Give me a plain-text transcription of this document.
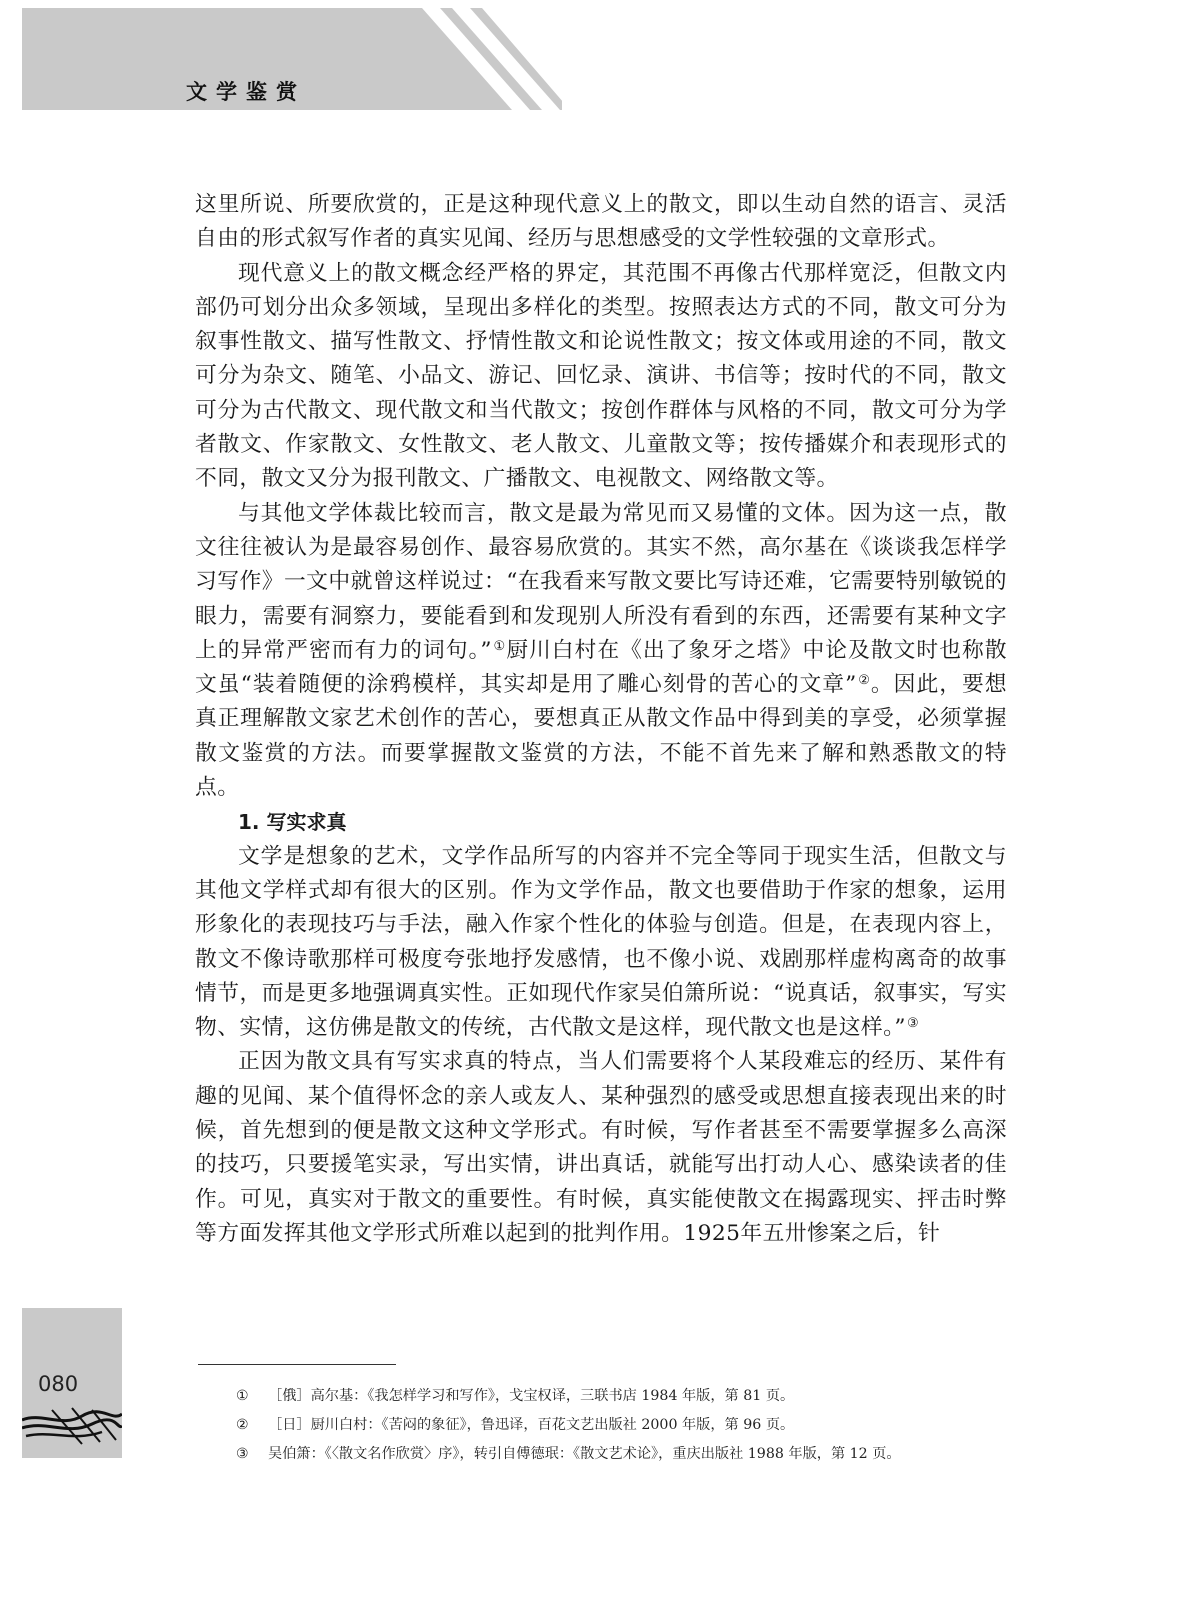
文学鉴赏

这里所说、所要欣赏的，正是这种现代意义上的散文，即以生动自然的语言、灵活自由的形式叙写作者的真实见闻、经历与思想感受的文学性较强的文章形式。

现代意义上的散文概念经严格的界定，其范围不再像古代那样宽泛，但散文内部仍可划分出众多领域，呈现出多样化的类型。按照表达方式的不同，散文可分为叙事性散文、描写性散文、抒情性散文和论说性散文；按文体或用途的不同，散文可分为杂文、随笔、小品文、游记、回忆录、演讲、书信等；按时代的不同，散文可分为古代散文、现代散文和当代散文；按创作群体与风格的不同，散文可分为学者散文、作家散文、女性散文、老人散文、儿童散文等；按传播媒介和表现形式的不同，散文又分为报刊散文、广播散文、电视散文、网络散文等。

与其他文学体裁比较而言，散文是最为常见而又易懂的文体。因为这一点，散文往往被认为是最容易创作、最容易欣赏的。其实不然，高尔基在《谈谈我怎样学习写作》一文中就曾这样说过：“在我看来写散文要比写诗还难，它需要特别敏锐的眼力，需要有洞察力，要能看到和发现别人所没有看到的东西，还需要有某种文字上的异常严密而有力的词句。”①厨川白村在《出了象牙之塔》中论及散文时也称散文虽“装着随便的涂鸦模样，其实却是用了雕心刻骨的苦心的文章”②。因此，要想真正理解散文家艺术创作的苦心，要想真正从散文作品中得到美的享受，必须掌握散文鉴赏的方法。而要掌握散文鉴赏的方法，不能不首先来了解和熟悉散文的特点。

1. 写实求真

文学是想象的艺术，文学作品所写的内容并不完全等同于现实生活，但散文与其他文学样式却有很大的区别。作为文学作品，散文也要借助于作家的想象，运用形象化的表现技巧与手法，融入作家个性化的体验与创造。但是，在表现内容上，散文不像诗歌那样可极度夸张地抒发感情，也不像小说、戏剧那样虚构离奇的故事情节，而是更多地强调真实性。正如现代作家吴伯箫所说：“说真话，叙事实，写实物、实情，这仿佛是散文的传统，古代散文是这样，现代散文也是这样。”③

正因为散文具有写实求真的特点，当人们需要将个人某段难忘的经历、某件有趣的见闻、某个值得怀念的亲人或友人、某种强烈的感受或思想直接表现出来的时候，首先想到的便是散文这种文学形式。有时候，写作者甚至不需要掌握多么高深的技巧，只要援笔实录，写出实情，讲出真话，就能写出打动人心、感染读者的佳作。可见，真实对于散文的重要性。有时候，真实能使散文在揭露现实、抨击时弊等方面发挥其他文学形式所难以起到的批判作用。1925年五卅惨案之后，针

080	① ［俄］高尔基：《我怎样学习和写作》，戈宝权译，三联书店 1984 年版，第 81 页。
② ［日］厨川白村：《苦闷的象征》，鲁迅译，百花文艺出版社 2000 年版，第 96 页。
③ 吴伯箫：《〈散文名作欣赏〉序》，转引自傅德珉：《散文艺术论》，重庆出版社 1988 年版，第 12 页。
